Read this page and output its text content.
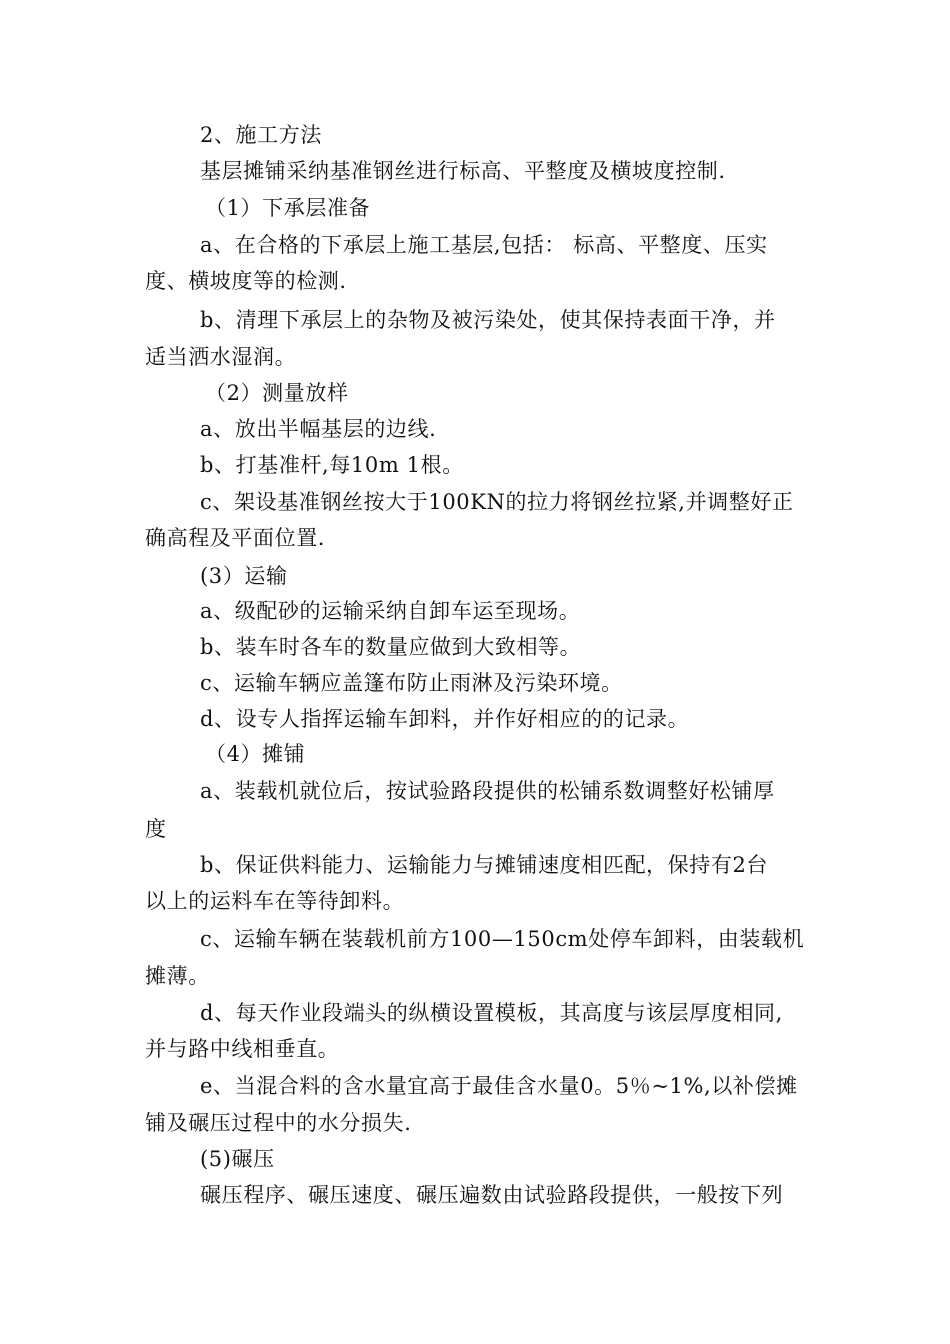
2、施工方法
基层摊铺采纳基准钢丝进行标高、平整度及横坡度控制.
（1）下承层准备
a、在合格的下承层上施工基层,包括： 标高、平整度、压实
度、横坡度等的检测.
b、清理下承层上的杂物及被污染处，使其保持表面干净，并
适当洒水湿润。
（2）测量放样
a、放出半幅基层的边线.
b、打基准杆,每10m 1根。
c、架设基准钢丝按大于100KN的拉力将钢丝拉紧,并调整好正
确高程及平面位置.
(3）运输
a、级配砂的运输采纳自卸车运至现场。
b、装车时各车的数量应做到大致相等。
c、运输车辆应盖篷布防止雨淋及污染环境。
d、设专人指挥运输车卸料，并作好相应的的记录。
（4）摊铺
a、装载机就位后，按试验路段提供的松铺系数调整好松铺厚
度
b、保证供料能力、运输能力与摊铺速度相匹配，保持有2台
以上的运料车在等待卸料。
c、运输车辆在装载机前方100—150cm处停车卸料，由装载机
摊薄。
d、每天作业段端头的纵横设置模板，其高度与该层厚度相同,
并与路中线相垂直。
e、当混合料的含水量宜高于最佳含水量0。5％~1%,以补偿摊
铺及碾压过程中的水分损失.
(5)碾压
碾压程序、碾压速度、碾压遍数由试验路段提供，一般按下列
